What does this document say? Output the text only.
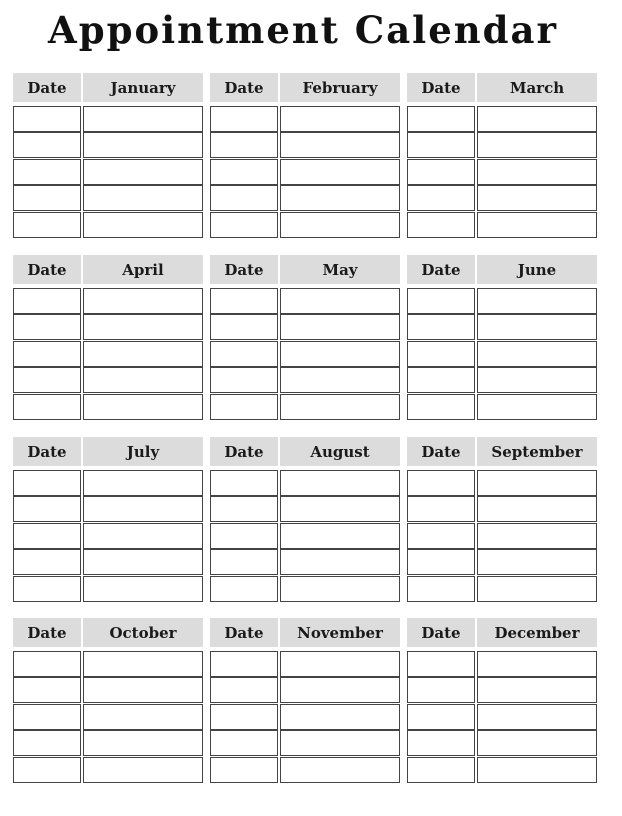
Appointment Calendar
Date	January	Date	February	Date	March
Date	April	Date	May	Date	June
Date	July	Date	August	Date	September
Date	October	Date	November	Date	December
